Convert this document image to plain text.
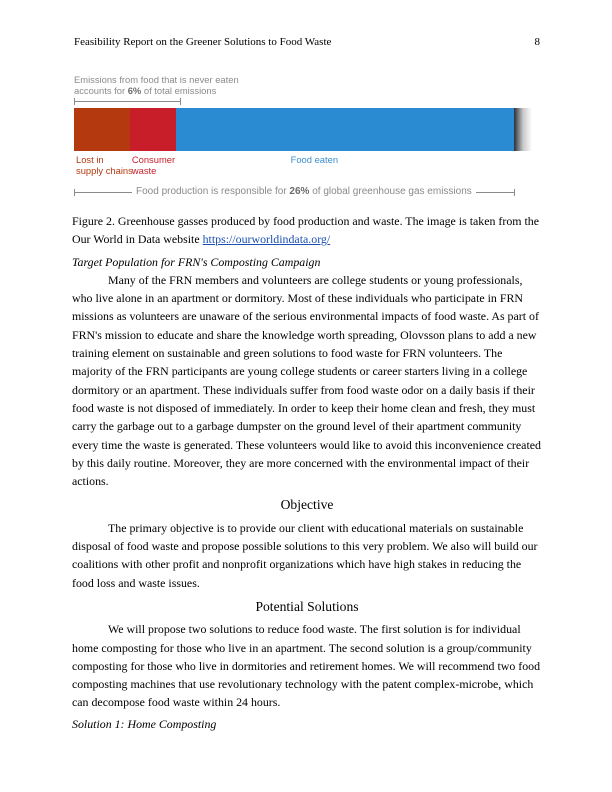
Feasibility Report on the Greener Solutions to Food Waste	8
Emissions from food that is never eaten
accounts for 6% of total emissions
Food production is responsible for 26% of global greenhouse gas emissions
Lost in
supply chains
Consumer
waste
Food eaten

Figure 2. Greenhouse gasses produced by food production and waste. The image is taken from the Our World in Data website https://ourworldindata.org/

Target Population for FRN's Composting Campaign

Many of the FRN members and volunteers are college students or young professionals, who live alone in an apartment or dormitory. Most of these individuals who participate in FRN missions as volunteers are unaware of the serious environmental impacts of food waste. As part of FRN's mission to educate and share the knowledge worth spreading, Olovsson plans to add a new training element on sustainable and green solutions to food waste for FRN volunteers. The majority of the FRN participants are young college students or career starters living in a college dormitory or an apartment. These individuals suffer from food waste odor on a daily basis if their food waste is not disposed of immediately. In order to keep their home clean and fresh, they must carry the garbage out to a garbage dumpster on the ground level of their apartment community every time the waste is generated. These volunteers would like to avoid this inconvenience created by this daily routine. Moreover, they are more concerned with the environmental impact of their actions.

Objective

The primary objective is to provide our client with educational materials on sustainable disposal of food waste and propose possible solutions to this very problem. We also will build our coalitions with other profit and nonprofit organizations which have high stakes in reducing the food loss and waste issues.

Potential Solutions

We will propose two solutions to reduce food waste. The first solution is for individual home composting for those who live in an apartment. The second solution is a group/community composting for those who live in dormitories and retirement homes. We will recommend two food composting machines that use revolutionary technology with the patent complex-microbe, which can decompose food waste within 24 hours.

Solution 1: Home Composting
